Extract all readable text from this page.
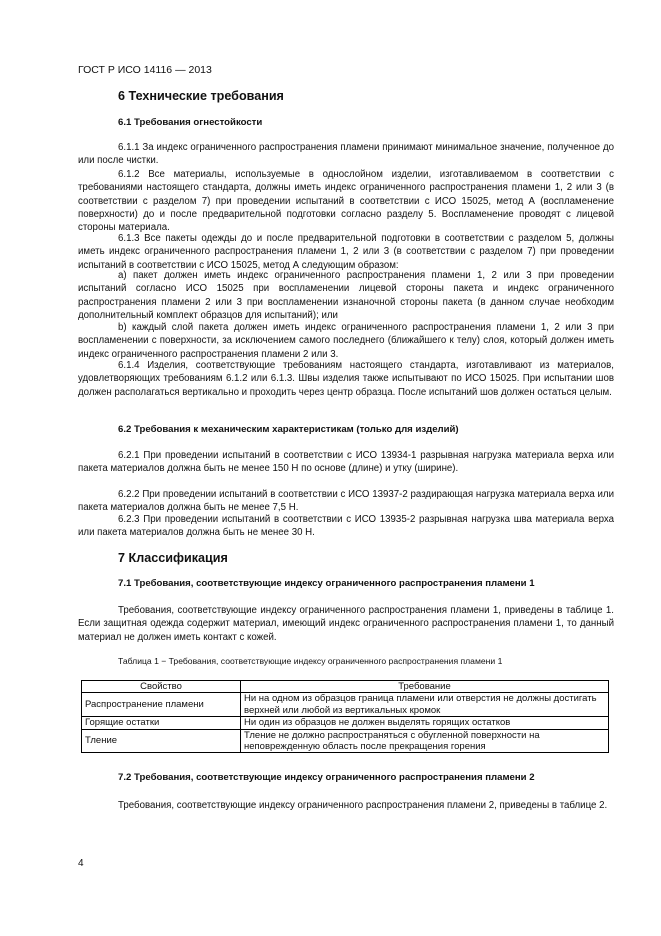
ГОСТ Р ИСО 14116 — 2013
6 Технические требования
6.1 Требования огнестойкости

6.1.1 За индекс ограниченного распространения пламени принимают минимальное значение, полученное до или после чистки.

6.1.2 Все материалы, используемые в однослойном изделии, изготавливаемом в соответствии с требованиями настоящего стандарта, должны иметь индекс ограниченного распространения пламени 1, 2 или 3 (в соответствии с разделом 7) при проведении испытаний в соответствии с ИСО 15025, метод А (воспламенение поверхности) до и после предварительной подготовки согласно разделу 5. Воспламенение проводят с лицевой стороны материала.

6.1.3 Все пакеты одежды до и после предварительной подготовки в соответствии с разделом 5, должны иметь индекс ограниченного распространения пламени 1, 2 или 3 (в соответствии с разделом 7) при проведении испытаний в соответствии с ИСО 15025, метод А следующим образом:

а) пакет должен иметь индекс ограниченного распространения пламени 1, 2 или 3 при проведении испытаний согласно ИСО 15025 при воспламенении лицевой стороны пакета и индекс ограниченного распространения пламени 2 или 3 при воспламенении изнаночной стороны пакета (в данном случае необходим дополнительный комплект образцов для испытаний); или

b) каждый слой пакета должен иметь индекс ограниченного распространения пламени 1, 2 или 3 при воспламенении с поверхности, за исключением самого последнего (ближайшего к телу) слоя, который должен иметь индекс ограниченного распространения пламени 2 или 3.

6.1.4 Изделия, соответствующие требованиям настоящего стандарта, изготавливают из материалов, удовлетворяющих требованиям 6.1.2 или 6.1.3. Швы изделия также испытывают по ИСО 15025. При испытании шов должен располагаться вертикально и проходить через центр образца. После испытаний шов должен остаться целым.

6.2 Требования к механическим характеристикам (только для изделий)

6.2.1 При проведении испытаний в соответствии с ИСО 13934-1 разрывная нагрузка материала верха или пакета материалов должна быть не менее 150 Н по основе (длине) и утку (ширине).

6.2.2 При проведении испытаний в соответствии с ИСО 13937-2 раздирающая нагрузка материала верха или пакета материалов должна быть не менее 7,5 Н.

6.2.3 При проведении испытаний в соответствии с ИСО 13935-2 разрывная нагрузка шва материала верха или пакета материалов должна быть не менее 30 Н.

7 Классификация
7.1 Требования, соответствующие индексу ограниченного распространения пламени 1

Требования, соответствующие индексу ограниченного распространения пламени 1, приведены в таблице 1. Если защитная одежда содержит материал, имеющий индекс ограниченного распространения пламени 1, то данный материал не должен иметь контакт с кожей.

Таблица 1 − Требования, соответствующие индексу ограниченного распространения пламени 1
Свойство	Требование
Распространение пламени	Ни на одном из образцов граница пламени или отверстия не должны достигать верхней или любой из вертикальных кромок
Горящие остатки	Ни один из образцов не должен выделять горящих остатков
Тление	Тление не должно распространяться с обугленной поверхности на неповрежденную область после прекращения горения
7.2 Требования, соответствующие индексу ограниченного распространения пламени 2

Требования, соответствующие индексу ограниченного распространения пламени 2, приведены в таблице 2.

4
